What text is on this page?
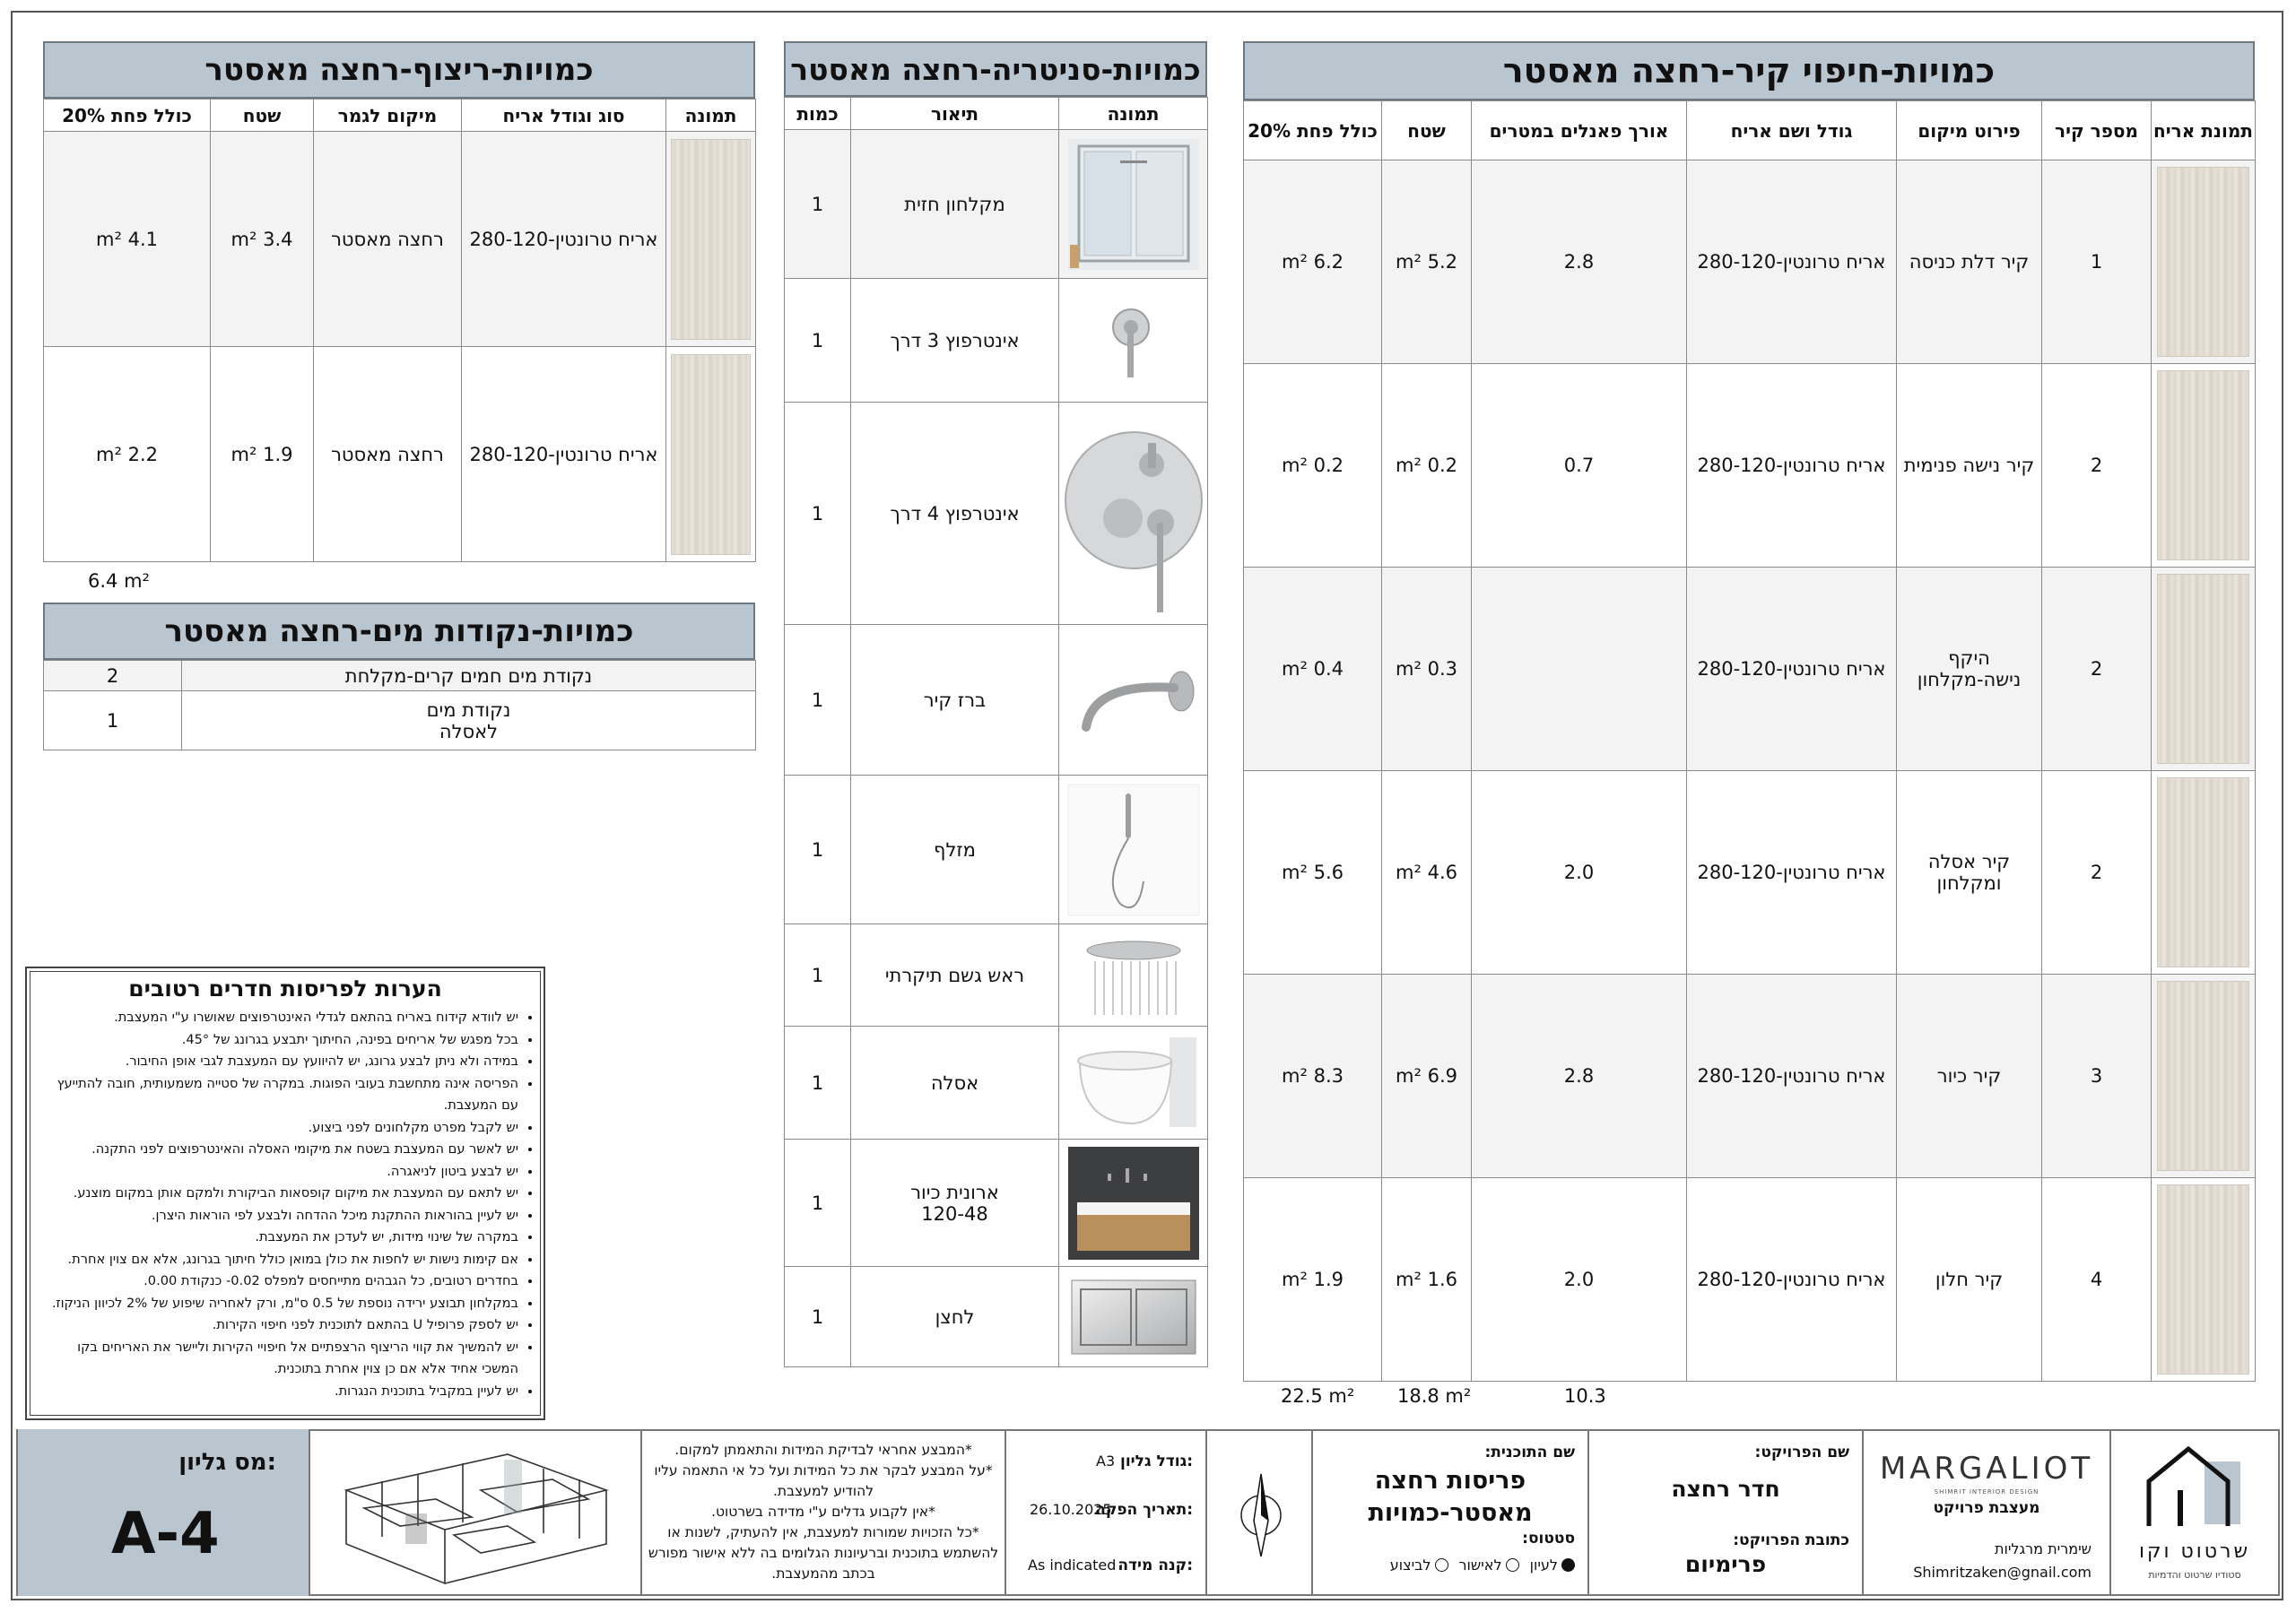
כמויות-ריצוף-רחצה מאסטר
תמונה	סוג וגודל אריח	מיקום לגמר	שטח	כולל פחת 20%

	אריח טרונטין-280-120	רחצה מאסטר	3.4 m²	4.1 m²

	אריח טרונטין-280-120	רחצה מאסטר	1.9 m²	2.2 m²
6.4 m²
כמויות-נקודות מים-רחצה מאסטר
נקודת מים חמים קרים-מקלחת	2

נקודת מים
לאסלה	1
כמויות-סניטריה-רחצה מאסטר
תמונה	תיאור	כמות

	מקלחון חזית	1

	אינטרפוץ 3 דרך	1

	אינטרפוץ 4 דרך	1

	ברז קיר	1

	מזלף	1

	ראש גשם תיקרתי	1

	אסלה	1

ארונית כיור
120-48	1

	לחצן	1
כמויות-חיפוי קיר-רחצה מאסטר
תמונת אריח	מספר קיר	פירוט מיקום	גודל ושם אריח	אורך פאנלים במטרים	שטח	כולל פחת 20%

	1	קיר דלת כניסה	אריח טרונטין-280-120	2.8	5.2 m²	6.2 m²

	2	קיר נישה פנימית	אריח טרונטין-280-120	0.7	0.2 m²	0.2 m²

	2	היקף
נישה-מקלחון	אריח טרונטין-280-120		0.3 m²	0.4 m²

	2	קיר אסלה
ומקלחון	אריח טרונטין-280-120	2.0	4.6 m²	5.6 m²

	3	קיר כיור	אריח טרונטין-280-120	2.8	6.9 m²	8.3 m²

	4	קיר חלון	אריח טרונטין-280-120	2.0	1.6 m²	1.9 m²
22.5 m² 18.8 m²	10.3
הערות לפריסות חדרים רטובים
• יש לוודא קידוח באריח בהתאם לגדלי האינטרפוצים שאושרו ע"י המעצבת.
• בכל מפגש של אריחים בפינה, החיתוך יתבצע בגרונג של 45°.
• במידה ולא ניתן לבצע גרונג, יש להיוועץ עם המעצבת לגבי אופן החיבור.
• הפריסה אינה מתחשבת בעובי הפוגות. במקרה של סטייה משמעותית, חובה להתייעץ עם המעצבת.
• יש לקבל מפרט מקלחונים לפני ביצוע.
• יש לאשר עם המעצבת בשטח את מיקומי האסלה והאינטרפוצים לפני התקנה.
• יש לבצע ביטון לניאגרה.
• יש לתאם עם המעצבת את מיקום קופסאות הביקורת ולמקם אותן במקום מוצנע.
• יש לעיין בהוראות ההתקנת מיכל ההדחה ולבצע לפי הוראות היצרן.
• במקרה של שינוי מידות, יש לעדכן את המעצבת.
• אם קימות נישות יש לחפות את כולן במואן כולל חיתוך בגרונג, אלא אם צוין אחרת.
• בחדרים רטובים, כל הגבהים מתייחסים למפלס 0.02- כנקודת 0.00.
• במקלחון תבוצע ירידה נוספת של 0.5 ס"מ, ורק לאחריה שיפוע של 2% לכיוון הניקוז.
• יש לספק פרופיל U בהתאם לתוכנית לפני חיפוי הקירות.
• יש להמשיך את קווי הריצוף הרצפתיים אל חיפויי הקירות וליישר את האריחים בקו המשכי אחיד אלא אם כן צוין אחרת בתוכנית.
• יש לעיין במקביל בתוכנית הנגרות.
מס גליון:
A-4
*המבצע אחראי לבדיקת המידות והתאמתן למקום.
*על המבצע לבקר את כל המידות ועל כל אי התאמה עליו להודיע למעצבת.
*אין לקבוע גדלים ע"י מדידה בשרטוט.
*כל הזכויות שמורות למעצבת, אין להעתיק, לשנות או להשתמש בתוכנית וברעיונות הגלומים בה ללא אישור מפורש בכתב מהמעצבת.
גודל גליון:
A3
תאריך הפקה:
26.10.2025
קנה מידה:
As indicated
שם התוכנית:
פריסות רחצה
מאסטר-כמויות
סטטוס:
לעיון
לאישור
לביצוע
שם הפרויקט:
חדר רחצה
כתובת הפרויקט:
פרימיום
MARGALIOT
SHIMRIT INTERIOR DESIGN
מעצבת פרויקט
שימרית מרגליות
Shimritzaken@gnail.com
שרטוט וקו
סטודיו שרטוט והדמיות
